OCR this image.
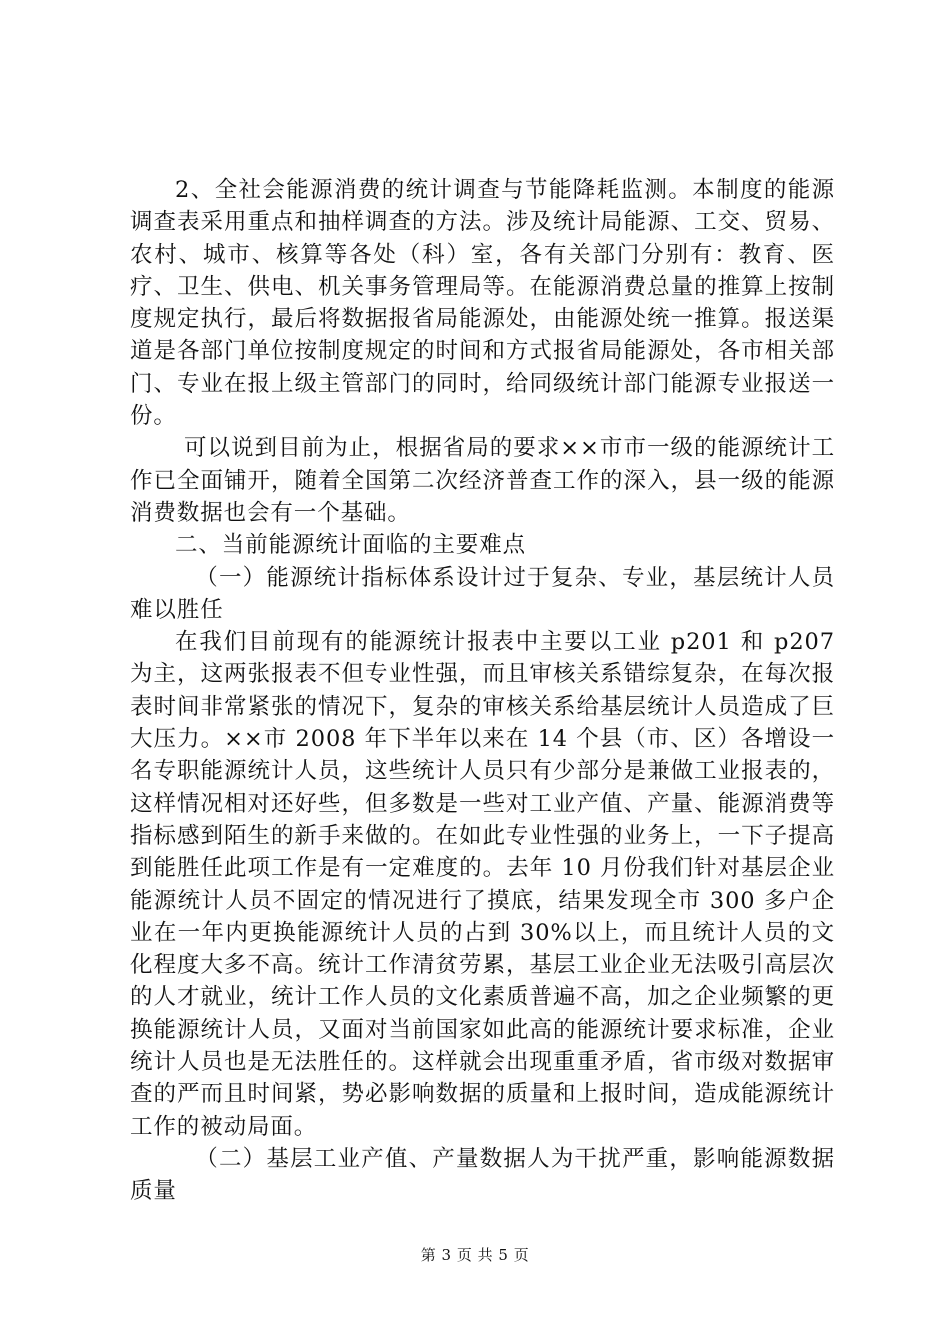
2、全社会能源消费的统计调查与节能降耗监测。本制度的能源调查表采用重点和抽样调查的方法。涉及统计局能源、工交、贸易、农村、城市、核算等各处（科）室，各有关部门分别有：教育、医疗、卫生、供电、机关事务管理局等。在能源消费总量的推算上按制度规定执行，最后将数据报省局能源处，由能源处统一推算。报送渠道是各部门单位按制度规定的时间和方式报省局能源处，各市相关部门、专业在报上级主管部门的同时，给同级统计部门能源专业报送一份。

可以说到目前为止，根据省局的要求××市市一级的能源统计工作已全面铺开，随着全国第二次经济普查工作的深入，县一级的能源消费数据也会有一个基础。

二、当前能源统计面临的主要难点

（一）能源统计指标体系设计过于复杂、专业，基层统计人员难以胜任

在我们目前现有的能源统计报表中主要以工业 p201 和 p207 为主，这两张报表不但专业性强，而且审核关系错综复杂，在每次报表时间非常紧张的情况下，复杂的审核关系给基层统计人员造成了巨大压力。××市 2008 年下半年以来在 14 个县（市、区）各增设一名专职能源统计人员，这些统计人员只有少部分是兼做工业报表的，这样情况相对还好些，但多数是一些对工业产值、产量、能源消费等指标感到陌生的新手来做的。在如此专业性强的业务上，一下子提高到能胜任此项工作是有一定难度的。去年 10 月份我们针对基层企业能源统计人员不固定的情况进行了摸底，结果发现全市 300 多户企业在一年内更换能源统计人员的占到 30%以上，而且统计人员的文化程度大多不高。统计工作清贫劳累，基层工业企业无法吸引高层次的人才就业，统计工作人员的文化素质普遍不高，加之企业频繁的更换能源统计人员，又面对当前国家如此高的能源统计要求标准，企业统计人员也是无法胜任的。这样就会出现重重矛盾，省市级对数据审查的严而且时间紧，势必影响数据的质量和上报时间，造成能源统计工作的被动局面。

（二）基层工业产值、产量数据人为干扰严重，影响能源数据质量

第 3 页 共 5 页
